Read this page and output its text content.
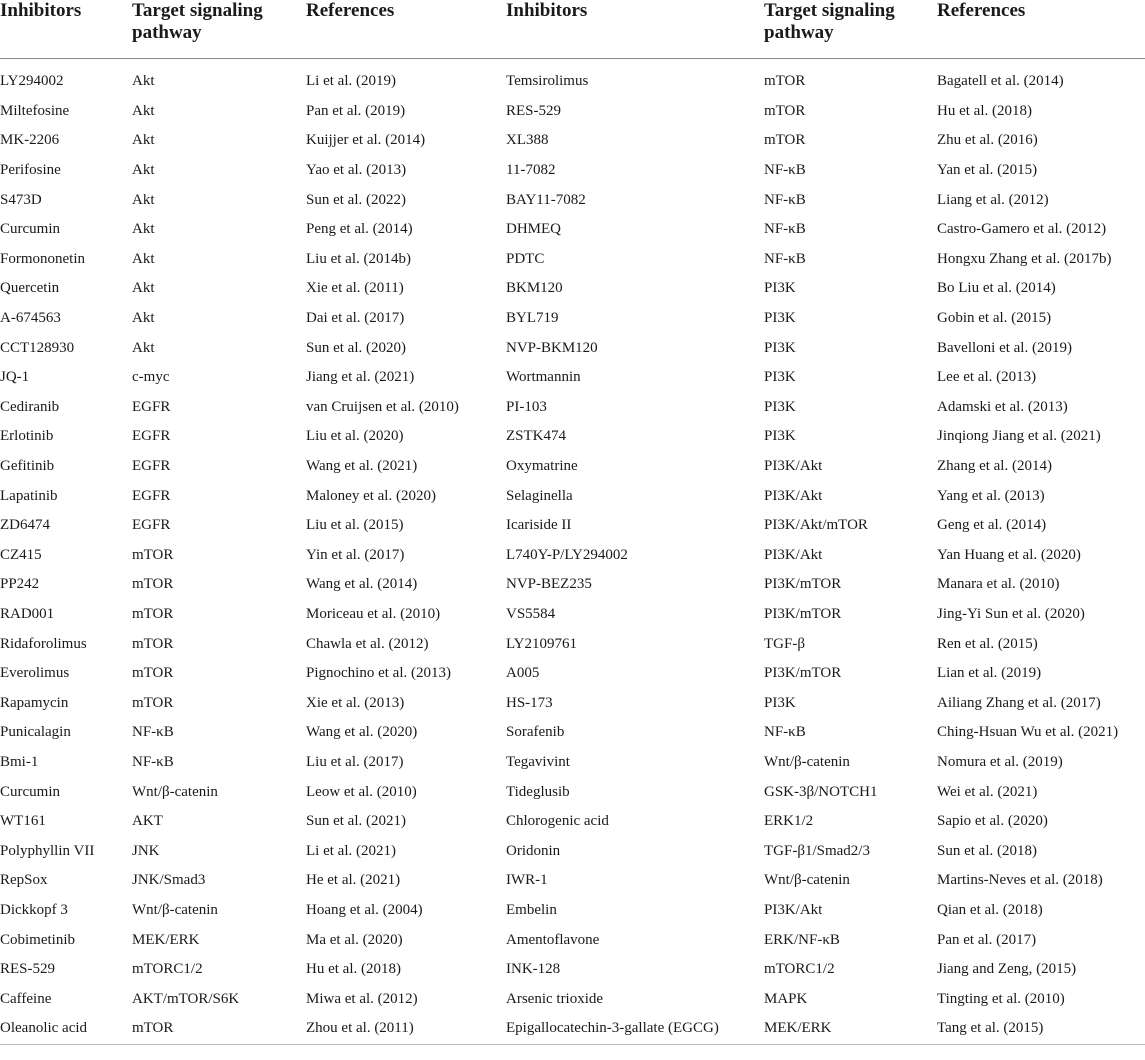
Inhibitors	Target signaling pathway	References	Inhibitors	Target signaling pathway	References
LY294002	Akt	Li et al. (2019)	Temsirolimus	mTOR	Bagatell et al. (2014)
Miltefosine	Akt	Pan et al. (2019)	RES-529	mTOR	Hu et al. (2018)
MK-2206	Akt	Kuijjer et al. (2014)	XL388	mTOR	Zhu et al. (2016)
Perifosine	Akt	Yao et al. (2013)	11-7082	NF-κB	Yan et al. (2015)
S473D	Akt	Sun et al. (2022)	BAY11-7082	NF-κB	Liang et al. (2012)
Curcumin	Akt	Peng et al. (2014)	DHMEQ	NF-κB	Castro-Gamero et al. (2012)
Formononetin	Akt	Liu et al. (2014b)	PDTC	NF-κB	Hongxu Zhang et al. (2017b)
Quercetin	Akt	Xie et al. (2011)	BKM120	PI3K	Bo Liu et al. (2014)
A-674563	Akt	Dai et al. (2017)	BYL719	PI3K	Gobin et al. (2015)
CCT128930	Akt	Sun et al. (2020)	NVP-BKM120	PI3K	Bavelloni et al. (2019)
JQ-1	c-myc	Jiang et al. (2021)	Wortmannin	PI3K	Lee et al. (2013)
Cediranib	EGFR	van Cruijsen et al. (2010)	PI-103	PI3K	Adamski et al. (2013)
Erlotinib	EGFR	Liu et al. (2020)	ZSTK474	PI3K	Jinqiong Jiang et al. (2021)
Gefitinib	EGFR	Wang et al. (2021)	Oxymatrine	PI3K/Akt	Zhang et al. (2014)
Lapatinib	EGFR	Maloney et al. (2020)	Selaginella	PI3K/Akt	Yang et al. (2013)
ZD6474	EGFR	Liu et al. (2015)	Icariside II	PI3K/Akt/mTOR	Geng et al. (2014)
CZ415	mTOR	Yin et al. (2017)	L740Y-P/LY294002	PI3K/Akt	Yan Huang et al. (2020)
PP242	mTOR	Wang et al. (2014)	NVP-BEZ235	PI3K/mTOR	Manara et al. (2010)
RAD001	mTOR	Moriceau et al. (2010)	VS5584	PI3K/mTOR	Jing-Yi Sun et al. (2020)
Ridaforolimus	mTOR	Chawla et al. (2012)	LY2109761	TGF-β	Ren et al. (2015)
Everolimus	mTOR	Pignochino et al. (2013)	A005	PI3K/mTOR	Lian et al. (2019)
Rapamycin	mTOR	Xie et al. (2013)	HS-173	PI3K	Ailiang Zhang et al. (2017)
Punicalagin	NF-κB	Wang et al. (2020)	Sorafenib	NF-κB	Ching-Hsuan Wu et al. (2021)
Bmi-1	NF-κB	Liu et al. (2017)	Tegavivint	Wnt/β-catenin	Nomura et al. (2019)
Curcumin	Wnt/β-catenin	Leow et al. (2010)	Tideglusib	GSK-3β/NOTCH1	Wei et al. (2021)
WT161	AKT	Sun et al. (2021)	Chlorogenic acid	ERK1/2	Sapio et al. (2020)
Polyphyllin VII	JNK	Li et al. (2021)	Oridonin	TGF-β1/Smad2/3	Sun et al. (2018)
RepSox	JNK/Smad3	He et al. (2021)	IWR-1	Wnt/β-catenin	Martins-Neves et al. (2018)
Dickkopf 3	Wnt/β-catenin	Hoang et al. (2004)	Embelin	PI3K/Akt	Qian et al. (2018)
Cobimetinib	MEK/ERK	Ma et al. (2020)	Amentoflavone	ERK/NF-κB	Pan et al. (2017)
RES-529	mTORC1/2	Hu et al. (2018)	INK-128	mTORC1/2	Jiang and Zeng, (2015)
Caffeine	AKT/mTOR/S6K	Miwa et al. (2012)	Arsenic trioxide	MAPK	Tingting et al. (2010)
Oleanolic acid	mTOR	Zhou et al. (2011)	Epigallocatechin-3-gallate (EGCG)	MEK/ERK	Tang et al. (2015)
